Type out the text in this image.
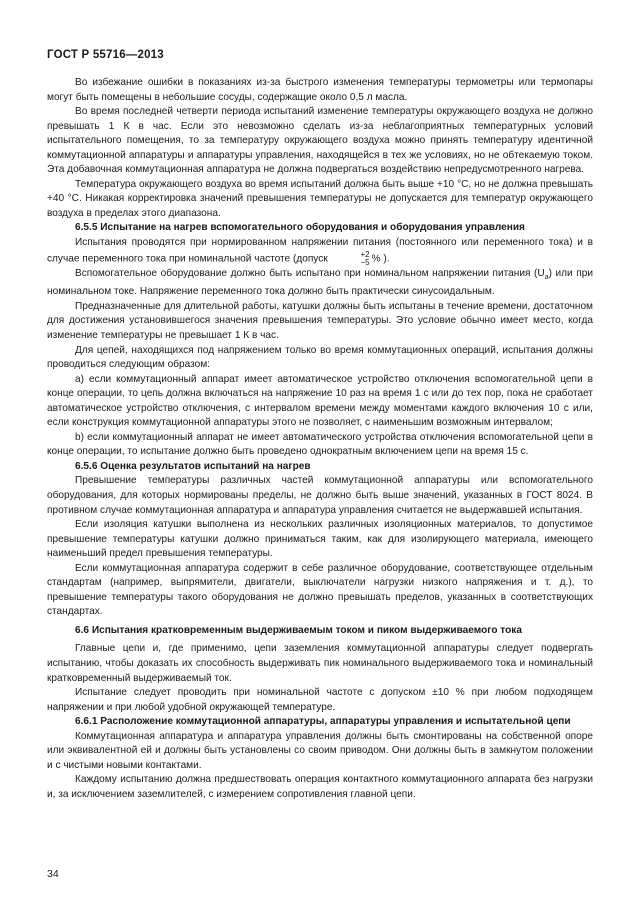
ГОСТ Р 55716—2013

Во избежание ошибки в показаниях из-за быстрого изменения температуры термометры или термопары могут быть помещены в небольшие сосуды, содержащие около 0,5 л масла.

Во время последней четверти периода испытаний изменение температуры окружающего воздуха не должно превышать 1 К в час. Если это невозможно сделать из-за неблагоприятных температурных условий испытательного помещения, то за температуру окружающего воздуха можно принять температуру идентичной коммутационной аппаратуры и аппаратуры управления, находящейся в тех же условиях, но не обтекаемую током. Эта добавочная коммутационная аппаратура не должна подвергаться воздействию непредусмотренного нагрева.

Температура окружающего воздуха во время испытаний должна быть выше +10 °С, но не должна превышать +40 °С. Никакая корректировка значений превышения температуры не допускается для температур окружающего воздуха в пределах этого диапазона.

6.5.5 Испытание на нагрев вспомогательного оборудования и оборудования управления

Испытания проводятся при нормированном напряжении питания (постоянного или переменного тока) и в случае переменного тока при номинальной частоте (допуск	+2
−5 % ).

Вспомогательное оборудование должно быть испытано при номинальном напряжении питания $(U_a)$ или при номинальном токе. Напряжение переменного тока должно быть практически синусоидальным.

Предназначенные для длительной работы, катушки должны быть испытаны в течение времени, достаточном для достижения установившегося значения превышения температуры. Это условие обычно имеет место, когда изменение температуры не превышает 1 К в час.

Для цепей, находящихся под напряжением только во время коммутационных операций, испытания должны проводиться следующим образом:

a) если коммутационный аппарат имеет автоматическое устройство отключения вспомогательной цепи в конце операции, то цепь должна включаться на напряжение 10 раз на время 1 с или до тех пор, пока не сработает автоматическое устройство отключения, с интервалом времени между моментами каждого включения 10 с или, если конструкция коммутационной аппаратуры этого не позволяет, с наименьшим возможным интервалом;

b) если коммутационный аппарат не имеет автоматического устройства отключения вспомогательной цепи в конце операции, то испытание должно быть проведено однократным включением цепи на время 15 с.

6.5.6 Оценка результатов испытаний на нагрев

Превышение температуры различных частей коммутационной аппаратуры или вспомогательного оборудования, для которых нормированы пределы, не должно быть выше значений, указанных в ГОСТ 8024. В противном случае коммутационная аппаратура и аппаратура управления считается не выдержавшей испытания.

Если изоляция катушки выполнена из нескольких различных изоляционных материалов, то допустимое превышение температуры катушки должно приниматься таким, как для изолирующего материала, имеющего наименьший предел превышения температуры.

Если коммутационная аппаратура содержит в себе различное оборудование, соответствующее отдельным стандартам (например, выпрямители, двигатели, выключатели нагрузки низкого напряжения и т. д.), то превышение температуры такого оборудования не должно превышать пределов, указанных в соответствующих стандартах.

6.6 Испытания кратковременным выдерживаемым током и пиком выдерживаемого тока

Главные цепи и, где применимо, цепи заземления коммутационной аппаратуры следует подвергать испытанию, чтобы доказать их способность выдерживать пик номинального выдерживаемого тока и номинальный кратковременный выдерживаемый ток.

Испытание следует проводить при номинальной частоте с допуском ±10 % при любом подходящем напряжении и при любой удобной окружающей температуре.

6.6.1 Расположение коммутационной аппаратуры, аппаратуры управления и испытательной цепи

Коммутационная аппаратура и аппаратура управления должны быть смонтированы на собственной опоре или эквивалентной ей и должны быть установлены со своим приводом. Они должны быть в замкнутом положении и с чистыми новыми контактами.

Каждому испытанию должна предшествовать операция контактного коммутационного аппарата без нагрузки и, за исключением заземлителей, с измерением сопротивления главной цепи.

34
